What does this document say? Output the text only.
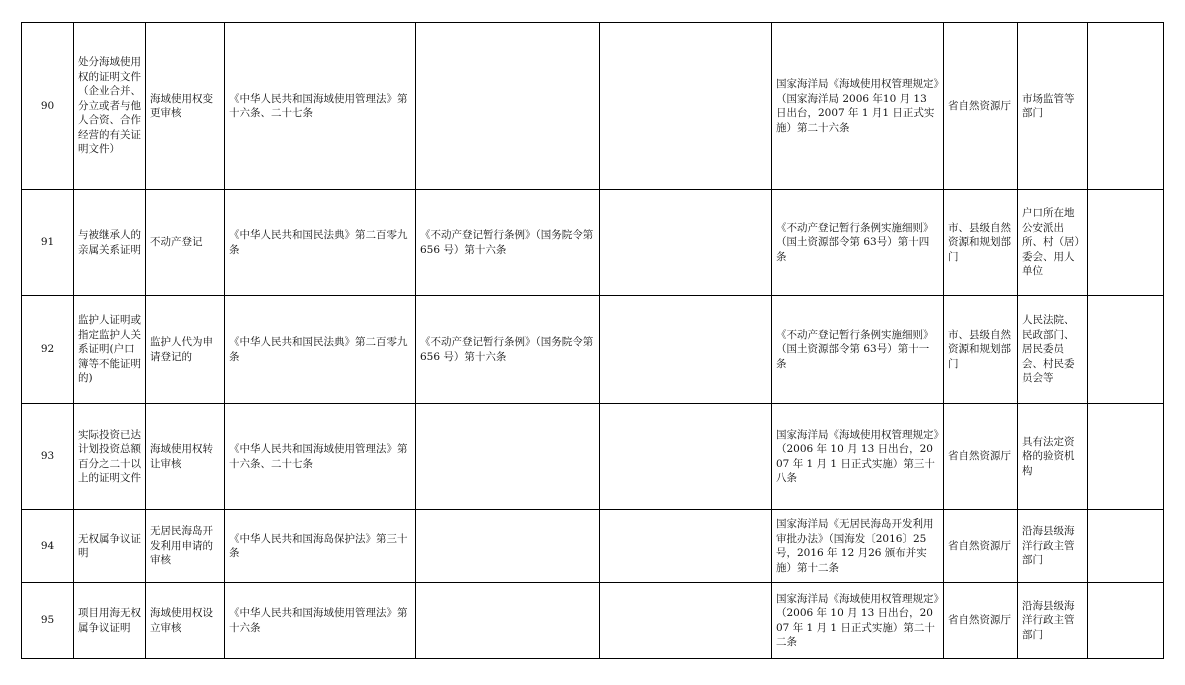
90	处分海域使用权的证明文件（企业合并、分立或者与他人合资、合作经营的有关证明文件）	海域使用权变更审核	《中华人民共和国海域使用管理法》第十六条、二十七条			国家海洋局《海域使用权管理规定》（国家海洋局 2006 年10 月 13 日出台，2007 年 1 月1 日正式实施）第二十六条	省自然资源厅	市场监管等部门	
91	与被继承人的亲属关系证明	不动产登记	《中华人民共和国民法典》第二百零九条	《不动产登记暂行条例》（国务院令第 656 号）第十六条		《不动产登记暂行条例实施细则》（国土资源部令第 63号）第十四条	市、县级自然资源和规划部门	户口所在地公安派出所、村（居）委会、用人单位	
92	监护人证明或指定监护人关系证明(户口簿等不能证明的)	监护人代为申请登记的	《中华人民共和国民法典》第二百零九条	《不动产登记暂行条例》（国务院令第 656 号）第十六条		《不动产登记暂行条例实施细则》（国土资源部令第 63号）第十一条	市、县级自然资源和规划部门	人民法院、民政部门、居民委员会、村民委员会等	
93	实际投资已达计划投资总额百分之二十以上的证明文件	海域使用权转让审核	《中华人民共和国海域使用管理法》第十六条、二十七条			国家海洋局《海域使用权管理规定》（2006 年 10 月 13 日出台，2007 年 1 月 1 日正式实施）第三十八条	省自然资源厅	具有法定资格的验资机构	
94	无权属争议证明	无居民海岛开发利用申请的审核	《中华人民共和国海岛保护法》第三十条			国家海洋局《无居民海岛开发利用审批办法》（国海发〔2016〕25 号，2016 年 12 月26 颁布并实施）第十二条	省自然资源厅	沿海县级海洋行政主管部门	
95	项目用海无权属争议证明	海域使用权设立审核	《中华人民共和国海域使用管理法》第十六条			国家海洋局《海域使用权管理规定》（2006 年 10 月 13 日出台，2007 年 1 月 1 日正式实施）第二十二条	省自然资源厅	沿海县级海洋行政主管部门	
